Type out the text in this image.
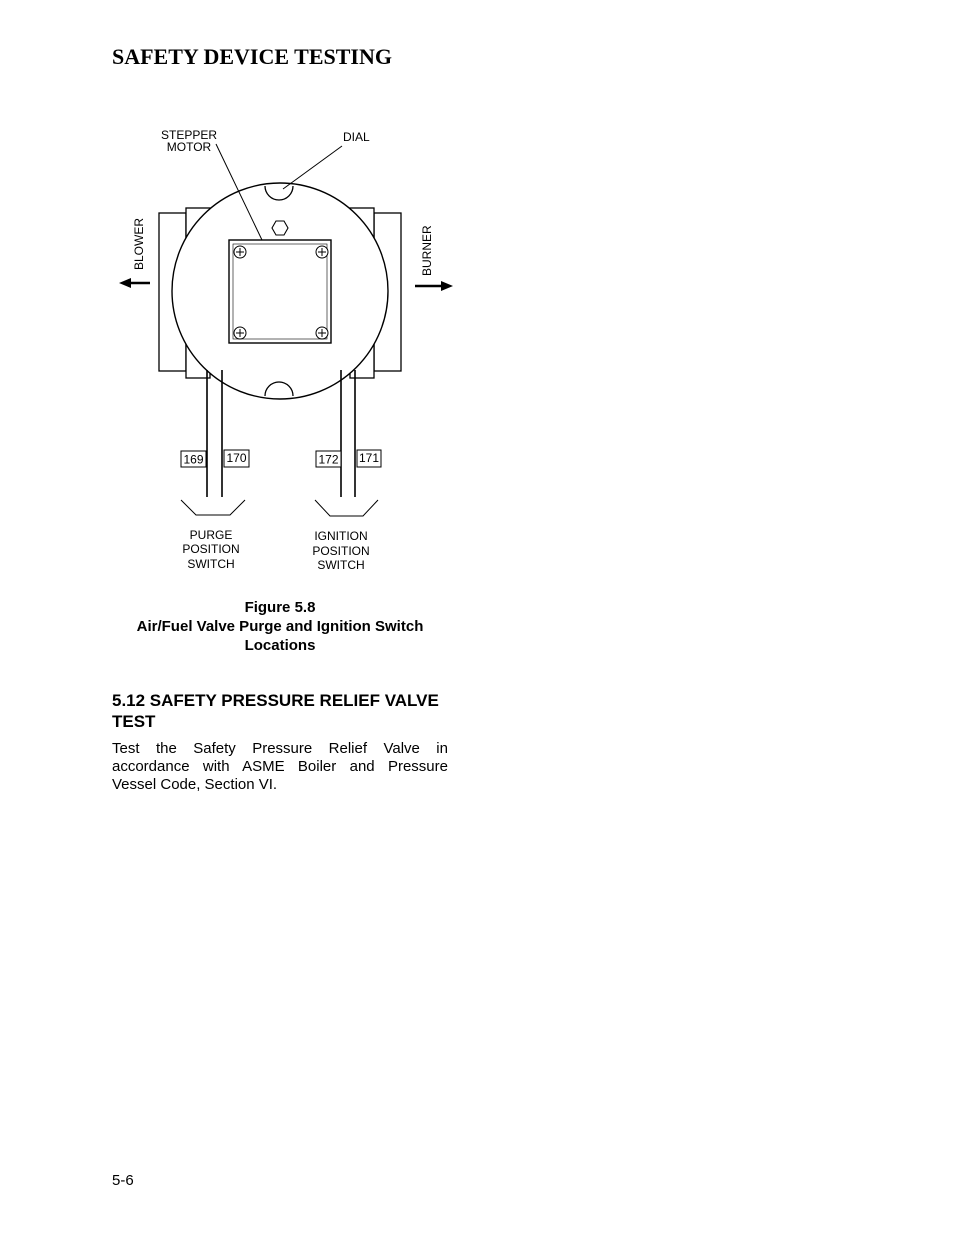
SAFETY DEVICE TESTING
STEPPER
MOTOR
DIAL
BLOWER	BURNER
169 170	172 171
PURGE
POSITION
SWITCH
IGNITION
POSITION
SWITCH
Figure 5.8
Air/Fuel Valve Purge and Ignition Switch
Locations
5.12 SAFETY PRESSURE RELIEF VALVE TEST

Test the Safety Pressure Relief Valve in accordance with ASME Boiler and Pressure Vessel Code, Section VI.

5-6
